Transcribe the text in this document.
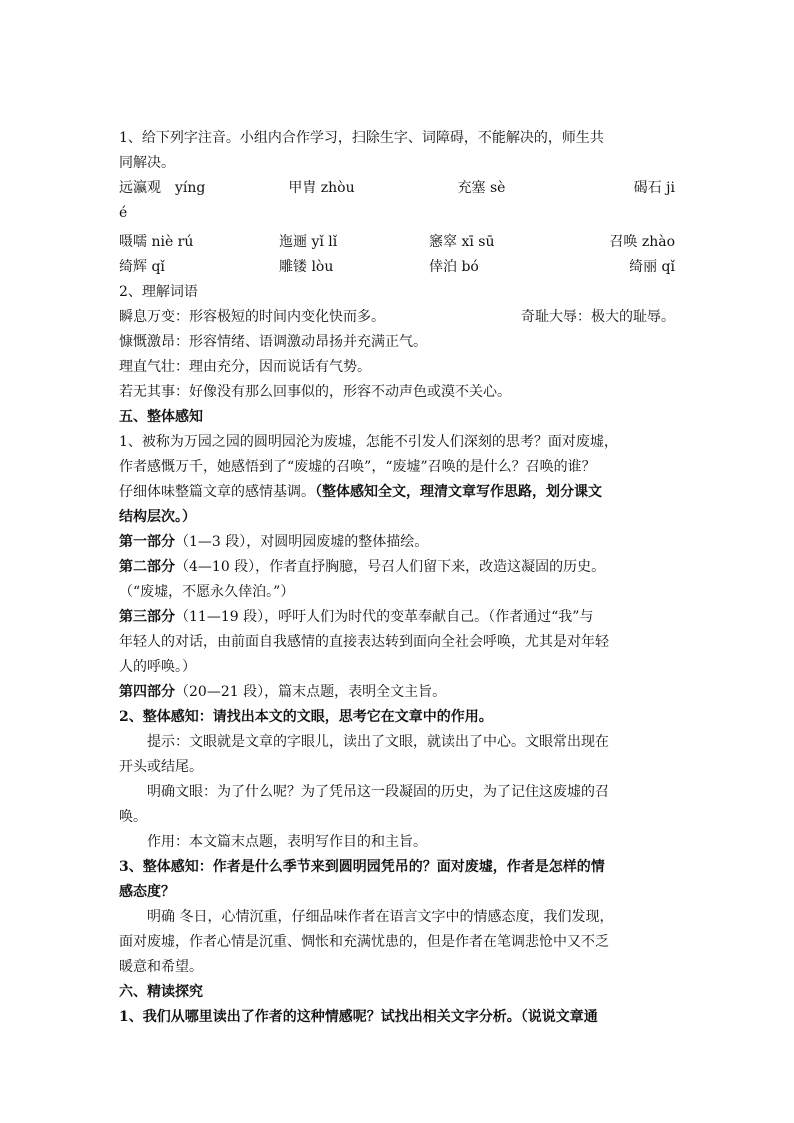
1、给下列字注音。小组内合作学习，扫除生字、词障碍，不能解决的，师生共
同解决。
远瀛观　yíng	甲胄 zhòu	充塞 sè	碣石 ji
é
嗫嚅 niè rú	迤逦 yǐ lǐ	窸窣 xī sū	召唤 zhào
绮辉 qǐ	雕镂 lòu	倖泊 bó	绮丽 qǐ
2、理解词语
瞬息万变：形容极短的时间内变化快而多。	奇耻大辱：极大的耻辱。
慷慨激昂：形容情绪、语调激动昂扬并充满正气。
理直气壮：理由充分，因而说话有气势。
若无其事：好像没有那么回事似的，形容不动声色或漠不关心。
五、整体感知
1、被称为万园之园的圆明园沦为废墟，怎能不引发人们深刻的思考？面对废墟，
作者感慨万千，她感悟到了“废墟的召唤”，“废墟”召唤的是什么？召唤的谁？
仔细体味整篇文章的感情基调。（整体感知全文，理清文章写作思路，划分课文
结构层次。）
第一部分（1—3 段），对圆明园废墟的整体描绘。
第二部分（4—10 段），作者直抒胸臆，号召人们留下来，改造这凝固的历史。
（“废墟，不愿永久倖泊。”）
第三部分（11—19 段），呼吁人们为时代的变革奉献自己。（作者通过“我”与
年轻人的对话，由前面自我感情的直接表达转到面向全社会呼唤，尤其是对年轻
人的呼唤。）
第四部分（20—21 段），篇末点题，表明全文主旨。
2、整体感知：请找出本文的文眼，思考它在文章中的作用。
提示：文眼就是文章的字眼儿，读出了文眼，就读出了中心。文眼常出现在
开头或结尾。
明确文眼：为了什么呢？为了凭吊这一段凝固的历史，为了记住这废墟的召
唤。
作用：本文篇末点题，表明写作目的和主旨。
3、整体感知：作者是什么季节来到圆明园凭吊的？面对废墟，作者是怎样的情
感态度？
明确 冬日，心情沉重，仔细品味作者在语言文字中的情感态度，我们发现，
面对废墟，作者心情是沉重、惆怅和充满忧患的，但是作者在笔调悲怆中又不乏
暖意和希望。
六、精读探究
1、我们从哪里读出了作者的这种情感呢？试找出相关文字分析。（说说文章通
